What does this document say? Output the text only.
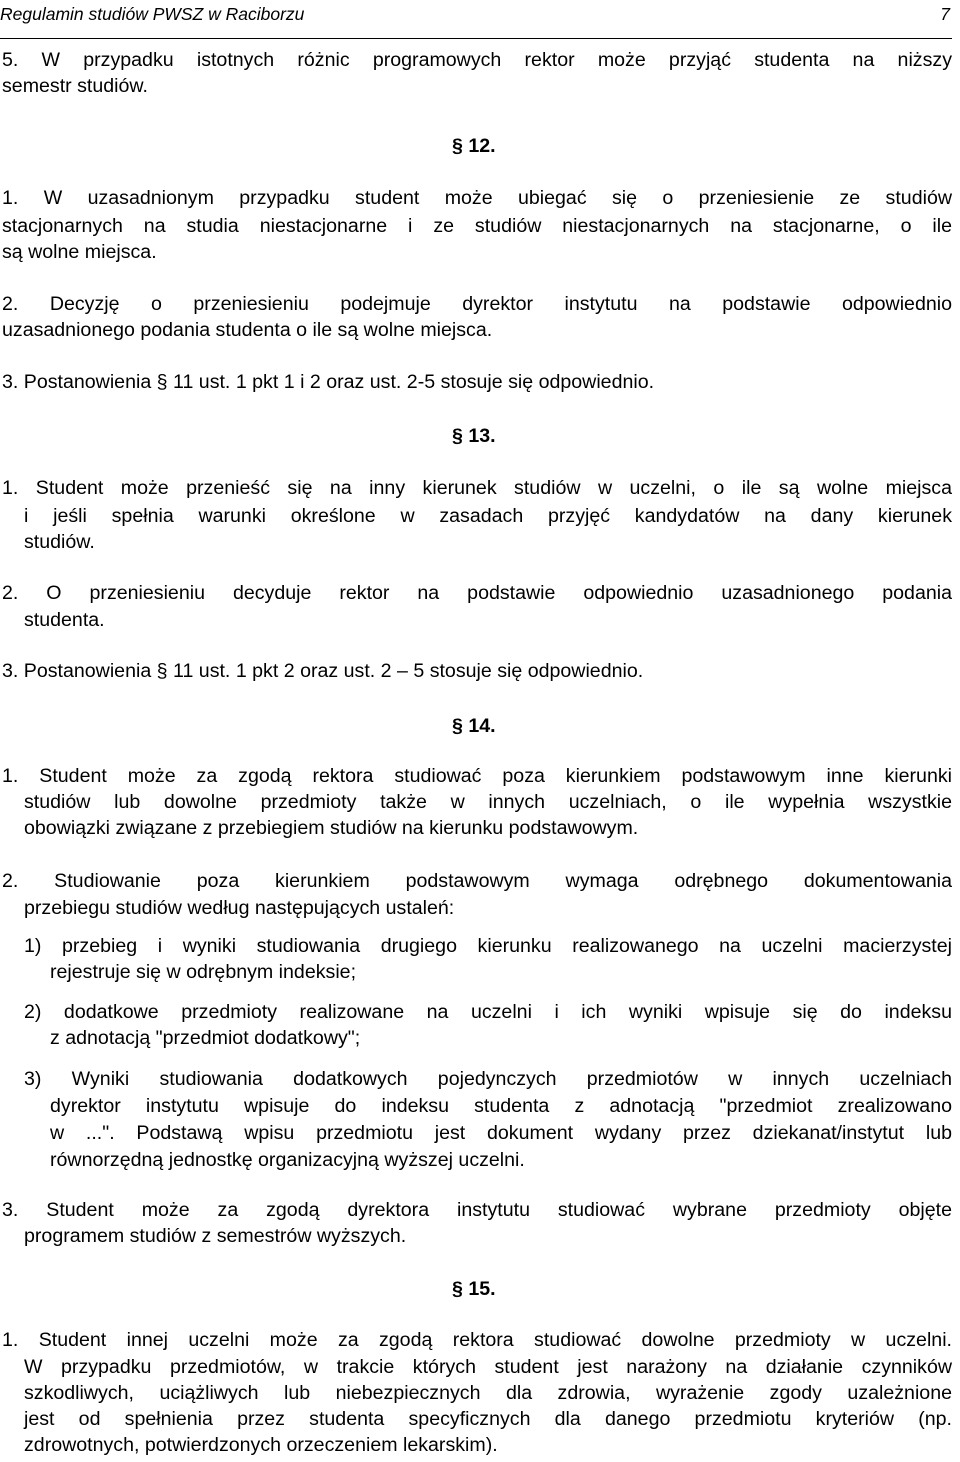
Regulamin studiów PWSZ w Raciborzu	7
5. W przypadku istotnych różnic programowych rektor może przyjąć studenta na niższy
semestr studiów.
§ 12.
1. W uzasadnionym przypadku student może ubiegać się o przeniesienie ze studiów
stacjonarnych na studia niestacjonarne i ze studiów niestacjonarnych na stacjonarne, o ile
są wolne miejsca.
2. Decyzję o przeniesieniu podejmuje dyrektor instytutu na podstawie odpowiednio
uzasadnionego podania studenta o ile są wolne miejsca.
3. Postanowienia § 11 ust. 1 pkt 1 i 2 oraz ust. 2-5 stosuje się odpowiednio.
§ 13.
1. Student może przenieść się na inny kierunek studiów w uczelni, o ile są wolne miejsca
i jeśli spełnia warunki określone w zasadach przyjęć kandydatów na dany kierunek
studiów.
2. O przeniesieniu decyduje rektor na podstawie odpowiednio uzasadnionego podania
studenta.
3. Postanowienia § 11 ust. 1 pkt 2 oraz ust. 2 – 5 stosuje się odpowiednio.
§ 14.
1. Student może za zgodą rektora studiować poza kierunkiem podstawowym inne kierunki
studiów lub dowolne przedmioty także w innych uczelniach, o ile wypełnia wszystkie
obowiązki związane z przebiegiem studiów na kierunku podstawowym.
2. Studiowanie poza kierunkiem podstawowym wymaga odrębnego dokumentowania
przebiegu studiów według następujących ustaleń:
1) przebieg i wyniki studiowania drugiego kierunku realizowanego na uczelni macierzystej
rejestruje się w odrębnym indeksie;
2) dodatkowe przedmioty realizowane na uczelni i ich wyniki wpisuje się do indeksu
z adnotacją "przedmiot dodatkowy";
3) Wyniki studiowania dodatkowych pojedynczych przedmiotów w innych uczelniach
dyrektor instytutu wpisuje do indeksu studenta z adnotacją "przedmiot zrealizowano
w ...". Podstawą wpisu przedmiotu jest dokument wydany przez dziekanat/instytut lub
równorzędną jednostkę organizacyjną wyższej uczelni.
3. Student może za zgodą dyrektora instytutu studiować wybrane przedmioty objęte
programem studiów z semestrów wyższych.
§ 15.
1. Student innej uczelni może za zgodą rektora studiować dowolne przedmioty w uczelni.
W przypadku przedmiotów, w trakcie których student jest narażony na działanie czynników
szkodliwych, uciążliwych lub niebezpiecznych dla zdrowia, wyrażenie zgody uzależnione
jest od spełnienia przez studenta specyficznych dla danego przedmiotu kryteriów (np.
zdrowotnych, potwierdzonych orzeczeniem lekarskim).
